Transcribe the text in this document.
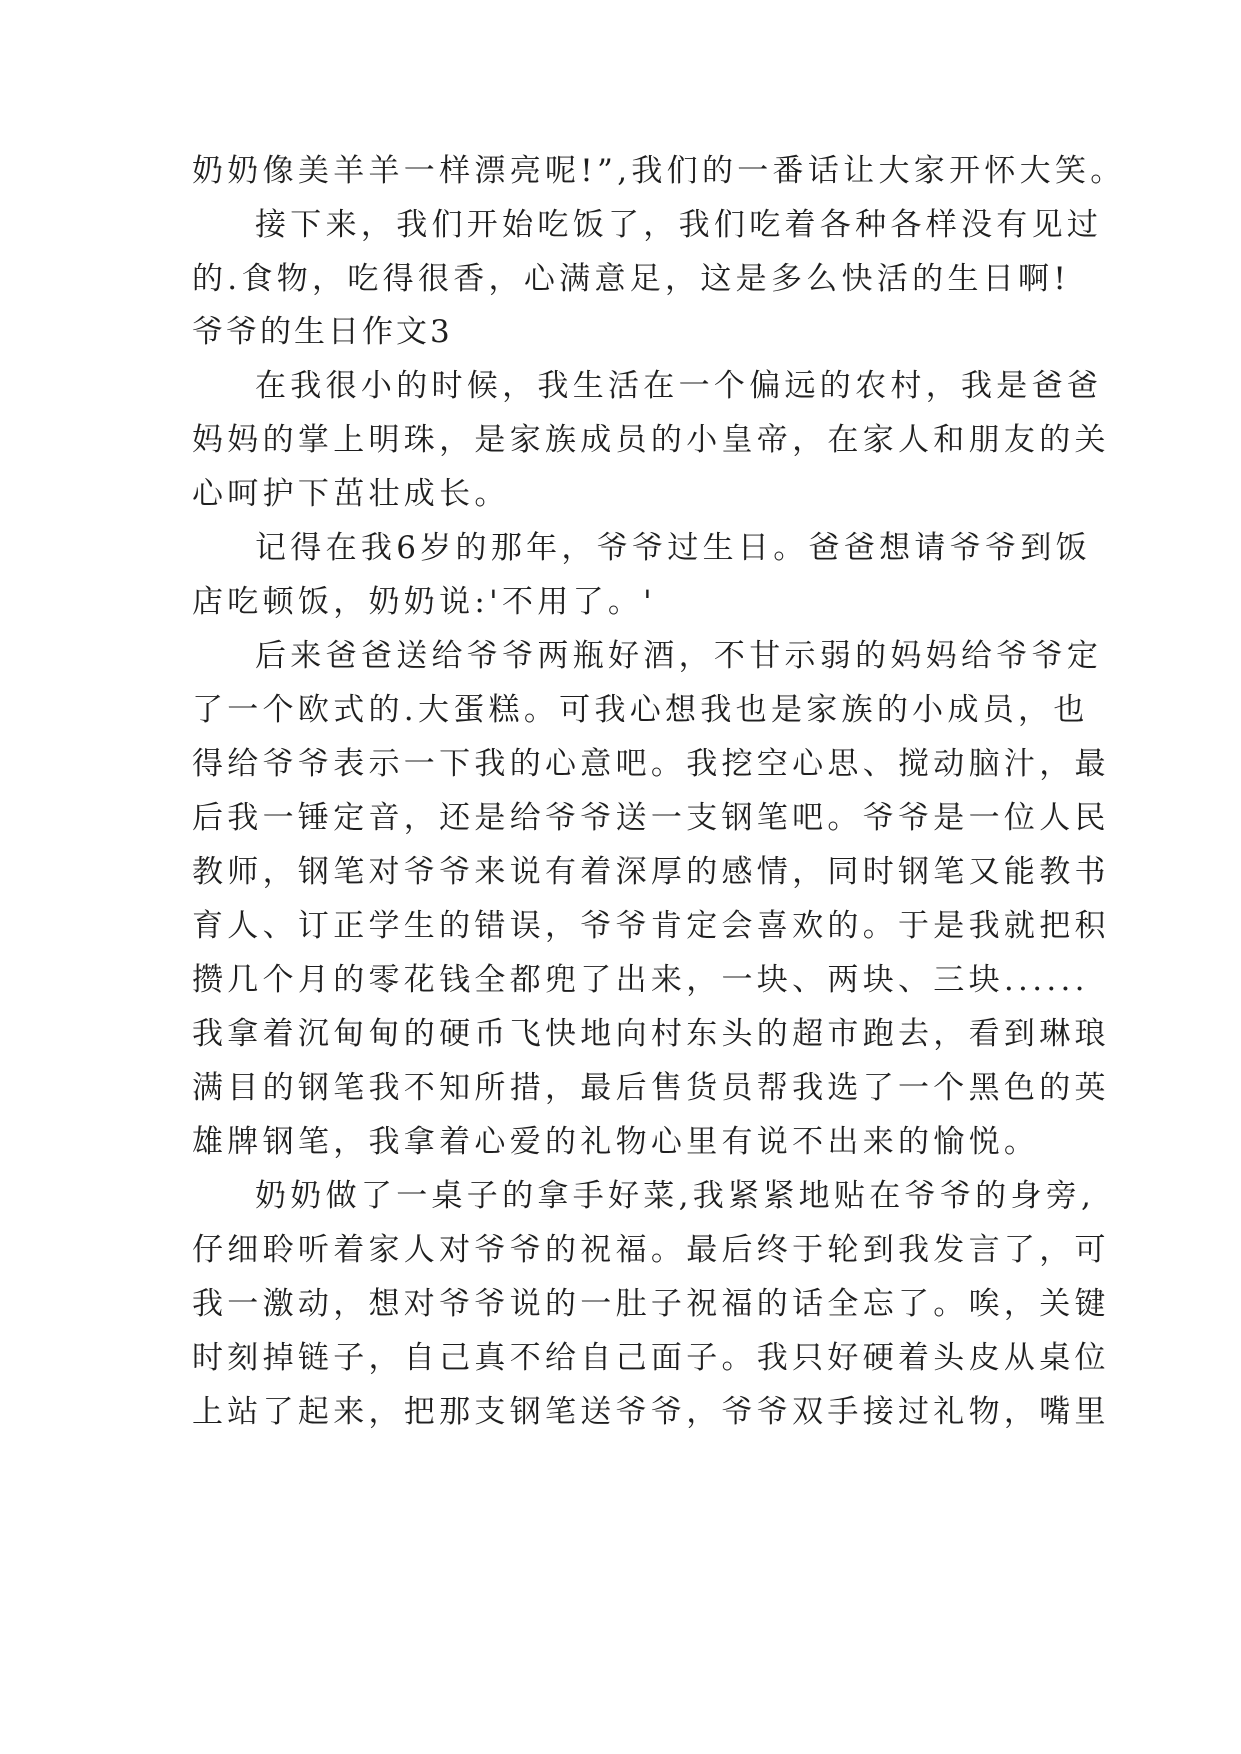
奶奶像美羊羊一样漂亮呢!”,我们的一番话让大家开怀大笑。
接下来，我们开始吃饭了，我们吃着各种各样没有见过
的.食物，吃得很香，心满意足，这是多么快活的生日啊!
爷爷的生日作文3
在我很小的时候，我生活在一个偏远的农村，我是爸爸
妈妈的掌上明珠，是家族成员的小皇帝，在家人和朋友的关
心呵护下茁壮成长。
记得在我6岁的那年，爷爷过生日。爸爸想请爷爷到饭
店吃顿饭，奶奶说:'不用了。'
后来爸爸送给爷爷两瓶好酒，不甘示弱的妈妈给爷爷定
了一个欧式的.大蛋糕。可我心想我也是家族的小成员，也
得给爷爷表示一下我的心意吧。我挖空心思、搅动脑汁，最
后我一锤定音，还是给爷爷送一支钢笔吧。爷爷是一位人民
教师，钢笔对爷爷来说有着深厚的感情，同时钢笔又能教书
育人、订正学生的错误，爷爷肯定会喜欢的。于是我就把积
攒几个月的零花钱全都兜了出来，一块、两块、三块......
我拿着沉甸甸的硬币飞快地向村东头的超市跑去，看到琳琅
满目的钢笔我不知所措，最后售货员帮我选了一个黑色的英
雄牌钢笔，我拿着心爱的礼物心里有说不出来的愉悦。
奶奶做了一桌子的拿手好菜,我紧紧地贴在爷爷的身旁,
仔细聆听着家人对爷爷的祝福。最后终于轮到我发言了，可
我一激动，想对爷爷说的一肚子祝福的话全忘了。唉，关键
时刻掉链子，自己真不给自己面子。我只好硬着头皮从桌位
上站了起来，把那支钢笔送爷爷，爷爷双手接过礼物，嘴里
